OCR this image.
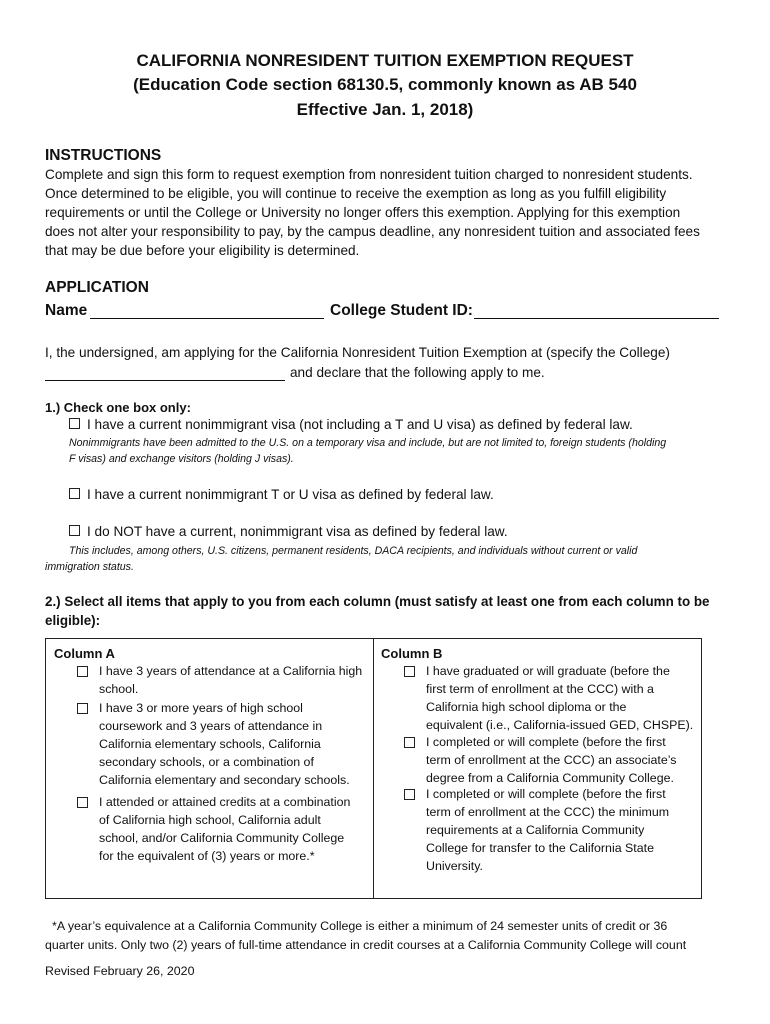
CALIFORNIA NONRESIDENT TUITION EXEMPTION REQUEST
(Education Code section 68130.5, commonly known as AB 540
Effective Jan. 1, 2018)
INSTRUCTIONS
Complete and sign this form to request exemption from nonresident tuition charged to nonresident students.
Once determined to be eligible, you will continue to receive the exemption as long as you fulfill eligibility
requirements or until the College or University no longer offers this exemption. Applying for this exemption
does not alter your responsibility to pay, by the campus deadline, any nonresident tuition and associated fees
that may be due before your eligibility is determined.
APPLICATION
Name	College Student ID:
I, the undersigned, am applying for the California Nonresident Tuition Exemption at (specify the College)
and declare that the following apply to me.
1.) Check one box only:
I have a current nonimmigrant visa (not including a T and U visa) as defined by federal law.
Nonimmigrants have been admitted to the U.S. on a temporary visa and include, but are not limited to, foreign students (holding
F visas) and exchange visitors (holding J visas).
I have a current nonimmigrant T or U visa as defined by federal law.
I do NOT have a current, nonimmigrant visa as defined by federal law.
This includes, among others, U.S. citizens, permanent residents, DACA recipients, and individuals without current or valid
immigration status.
2.) Select all items that apply to you from each column (must satisfy at least one from each column to be
eligible):
Column A
I have 3 years of attendance at a California high
school.
I have 3 or more years of high school
coursework and 3 years of attendance in
California elementary schools, California
secondary schools, or a combination of
California elementary and secondary schools.
I attended or attained credits at a combination
of California high school, California adult
school, and/or California Community College
for the equivalent of (3) years or more.*
Column B
I have graduated or will graduate (before the
first term of enrollment at the CCC) with a
California high school diploma or the
equivalent (i.e., California-issued GED, CHSPE).
I completed or will complete (before the first
term of enrollment at the CCC) an associate’s
degree from a California Community College.
I completed or will complete (before the first
term of enrollment at the CCC) the minimum
requirements at a California Community
College for transfer to the California State
University.
*A year’s equivalence at a California Community College is either a minimum of 24 semester units of credit or 36
quarter units. Only two (2) years of full-time attendance in credit courses at a California Community College will count
Revised February 26, 2020
